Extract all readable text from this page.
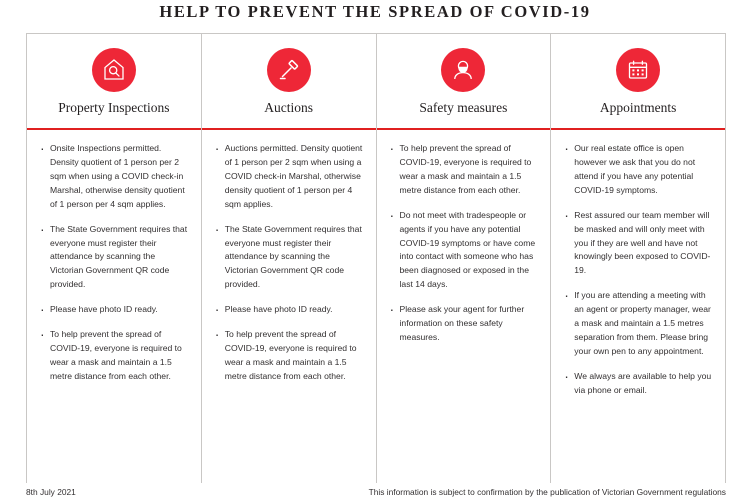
HELP TO PREVENT THE SPREAD OF COVID-19
Property Inspections
· Onsite Inspections permitted. Density quotient of 1 person per 2 sqm when using a COVID check-in Marshal, otherwise density quotient of 1 person per 4 sqm applies.
· The State Government requires that everyone must register their attendance by scanning the Victorian Government QR code provided.
· Please have photo ID ready.
· To help prevent the spread of COVID-19, everyone is required to wear a mask and maintain a 1.5 metre distance from each other.
Auctions
· Auctions permitted. Density quotient of 1 person per 2 sqm when using a COVID check-in Marshal, otherwise density quotient of 1 person per 4 sqm applies.
· The State Government requires that everyone must register their attendance by scanning the Victorian Government QR code provided.
· Please have photo ID ready.
· To help prevent the spread of COVID-19, everyone is required to wear a mask and maintain a 1.5 metre distance from each other.
Safety measures
· To help prevent the spread of COVID-19, everyone is required to wear a mask and maintain a 1.5 metre distance from each other.
· Do not meet with tradespeople or agents if you have any potential COVID-19 symptoms or have come into contact with someone who has been diagnosed or exposed in the last 14 days.
· Please ask your agent for further information on these safety measures.
Appointments
· Our real estate office is open however we ask that you do not attend if you have any potential COVID-19 symptoms.
· Rest assured our team member will be masked and will only meet with you if they are well and have not knowingly been exposed to COVID-19.
· If you are attending a meeting with an agent or property manager, wear a mask and maintain a 1.5 metres separation from them. Please bring your own pen to any appointment.
· We always are available to help you via phone or email.
8th July 2021	This information is subject to confirmation by the publication of Victorian Government regulations
